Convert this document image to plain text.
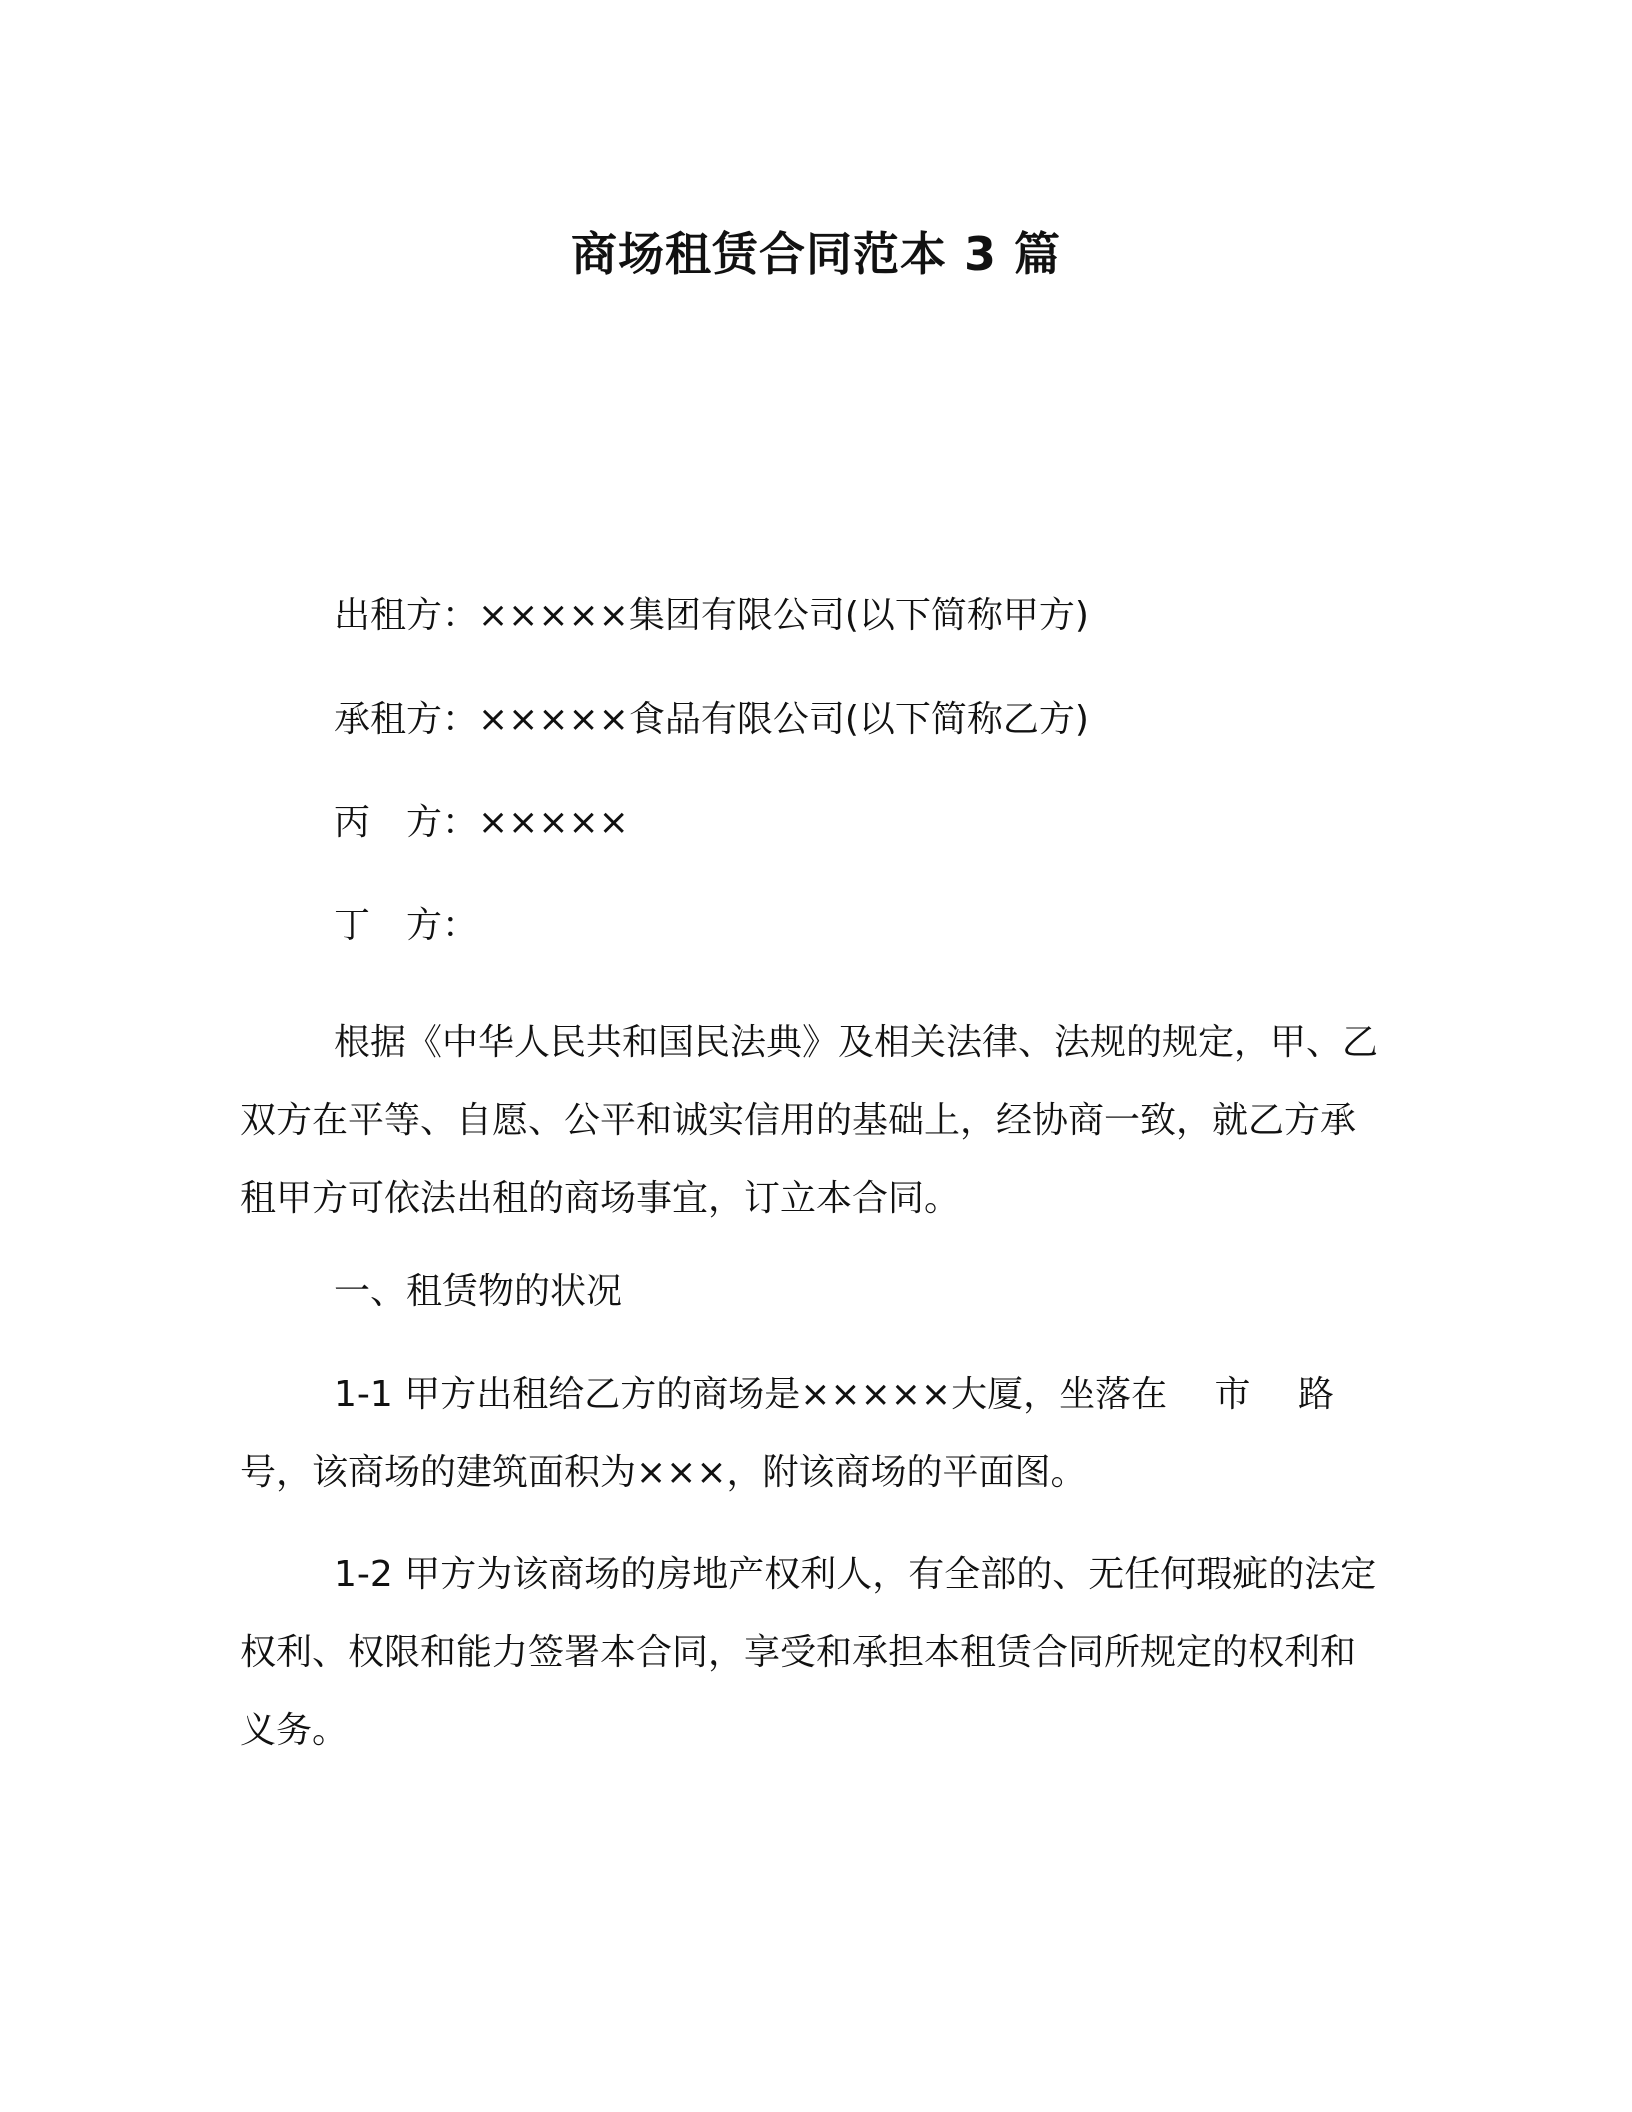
商场租赁合同范本 3 篇

出租方：×××××集团有限公司(以下简称甲方)

承租方：×××××食品有限公司(以下简称乙方)

丙　方：×××××

丁　方：

根据《中华人民共和国民法典》及相关法律、法规的规定，甲、乙双方在平等、自愿、公平和诚实信用的基础上，经协商一致，就乙方承租甲方可依法出租的商场事宜，订立本合同。

一、租赁物的状况

1-1 甲方出租给乙方的商场是×××××大厦，坐落在　 市　 路　 号，该商场的建筑面积为×××，附该商场的平面图。

1-2 甲方为该商场的房地产权利人，有全部的、无任何瑕疵的法定权利、权限和能力签署本合同，享受和承担本租赁合同所规定的权利和义务。
